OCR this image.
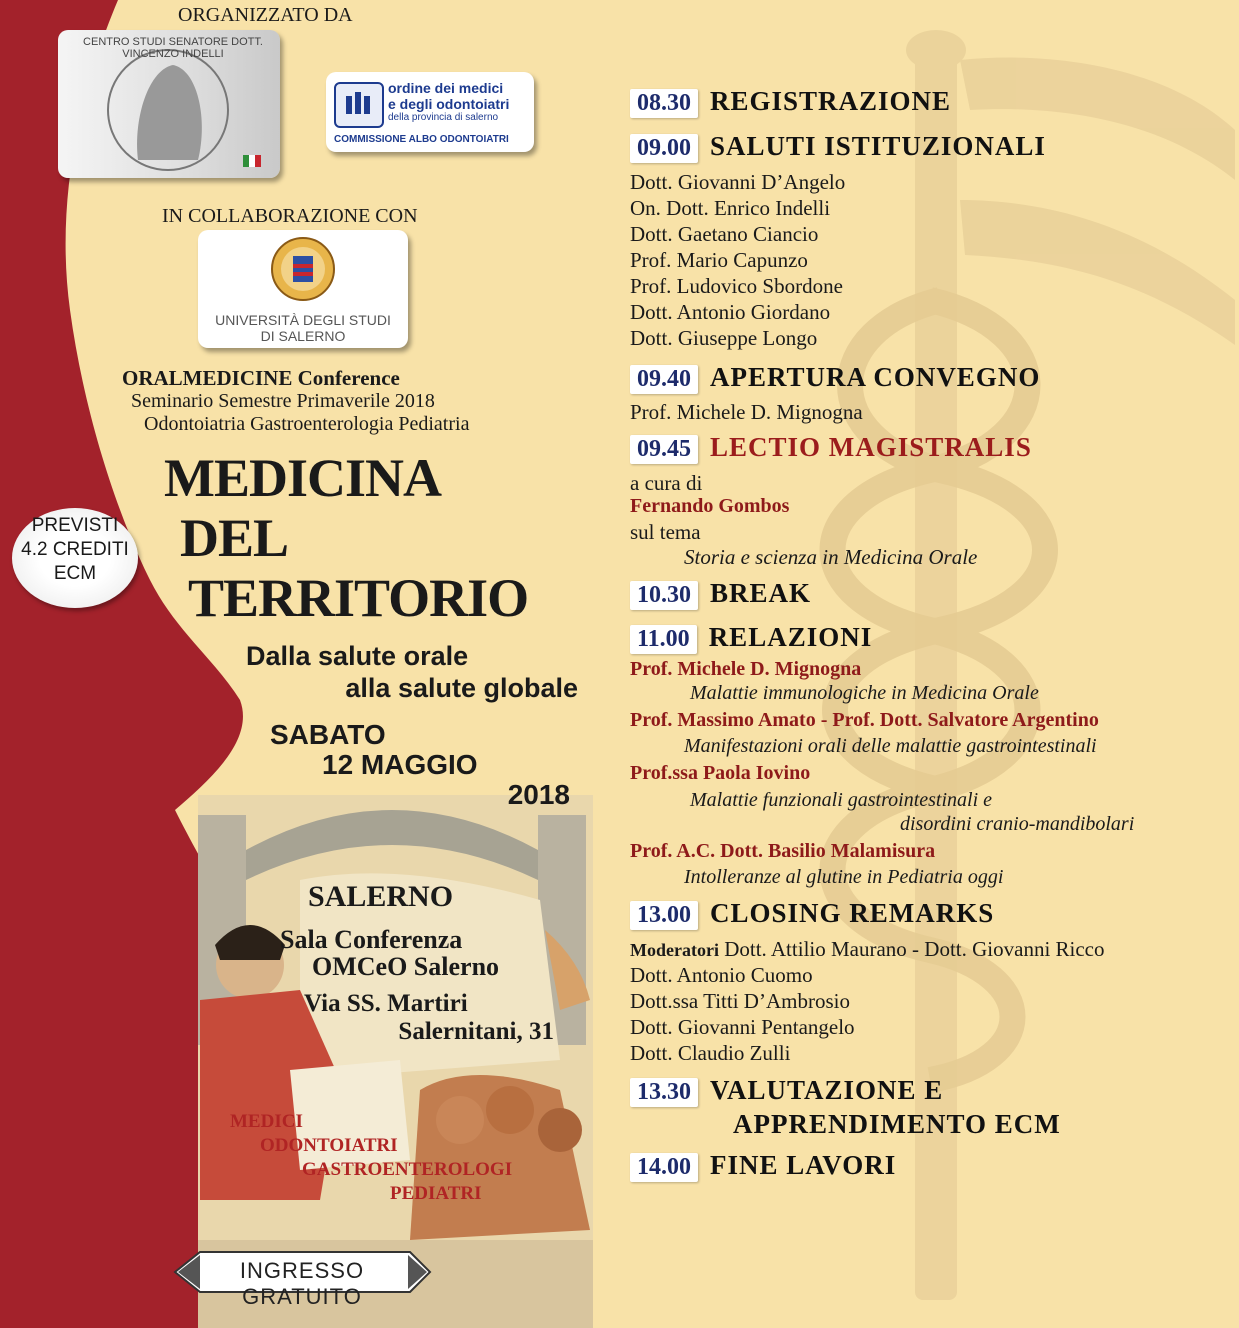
ORGANIZZATO DA
CENTRO STUDI SENATORE DOTT. VINCENZO INDELLI
ordine dei medici
e degli odontoiatri
della provincia di salerno
COMMISSIONE ALBO ODONTOIATRI
IN COLLABORAZIONE CON
UNIVERSITÀ DEGLI STUDI
DI SALERNO
ORALMEDICINE Conference
Seminario Semestre Primaverile 2018
Odontoiatria Gastroenterologia Pediatria
PREVISTI
4.2 CREDITI
ECM
MEDICINA
DEL
TERRITORIO
Dalla salute orale
alla salute globale
SABATO
12 MAGGIO
2018
SALERNO
Sala Conferenza
OMCeO Salerno
Via SS. Martiri
Salernitani, 31
MEDICI
ODONTOIATRI
GASTROENTEROLOGI
PEDIATRI
INGRESSO GRATUITO
08.30 REGISTRAZIONE
09.00 SALUTI ISTITUZIONALI
Dott. Giovanni D’Angelo
On. Dott. Enrico Indelli
Dott. Gaetano Ciancio
Prof. Mario Capunzo
Prof. Ludovico Sbordone
Dott. Antonio Giordano
Dott. Giuseppe Longo
09.40 APERTURA CONVEGNO
Prof. Michele D. Mignogna
09.45 LECTIO MAGISTRALIS
a cura di
Fernando Gombos
sul tema
Storia e scienza in Medicina Orale
10.30 BREAK
11.00 RELAZIONI
Prof. Michele D. Mignogna
Malattie immunologiche in Medicina Orale
Prof. Massimo Amato - Prof. Dott. Salvatore Argentino
Manifestazioni orali delle malattie gastrointestinali
Prof.ssa Paola Iovino
Malattie funzionali gastrointestinali e
disordini cranio-mandibolari
Prof. A.C. Dott. Basilio Malamisura
Intolleranze al glutine in Pediatria oggi
13.00 CLOSING REMARKS
Moderatori Dott. Attilio Maurano - Dott. Giovanni Ricco
Dott. Antonio Cuomo
Dott.ssa Titti D’Ambrosio
Dott. Giovanni Pentangelo
Dott. Claudio Zulli
13.30 VALUTAZIONE E
APPRENDIMENTO ECM
14.00 FINE LAVORI
